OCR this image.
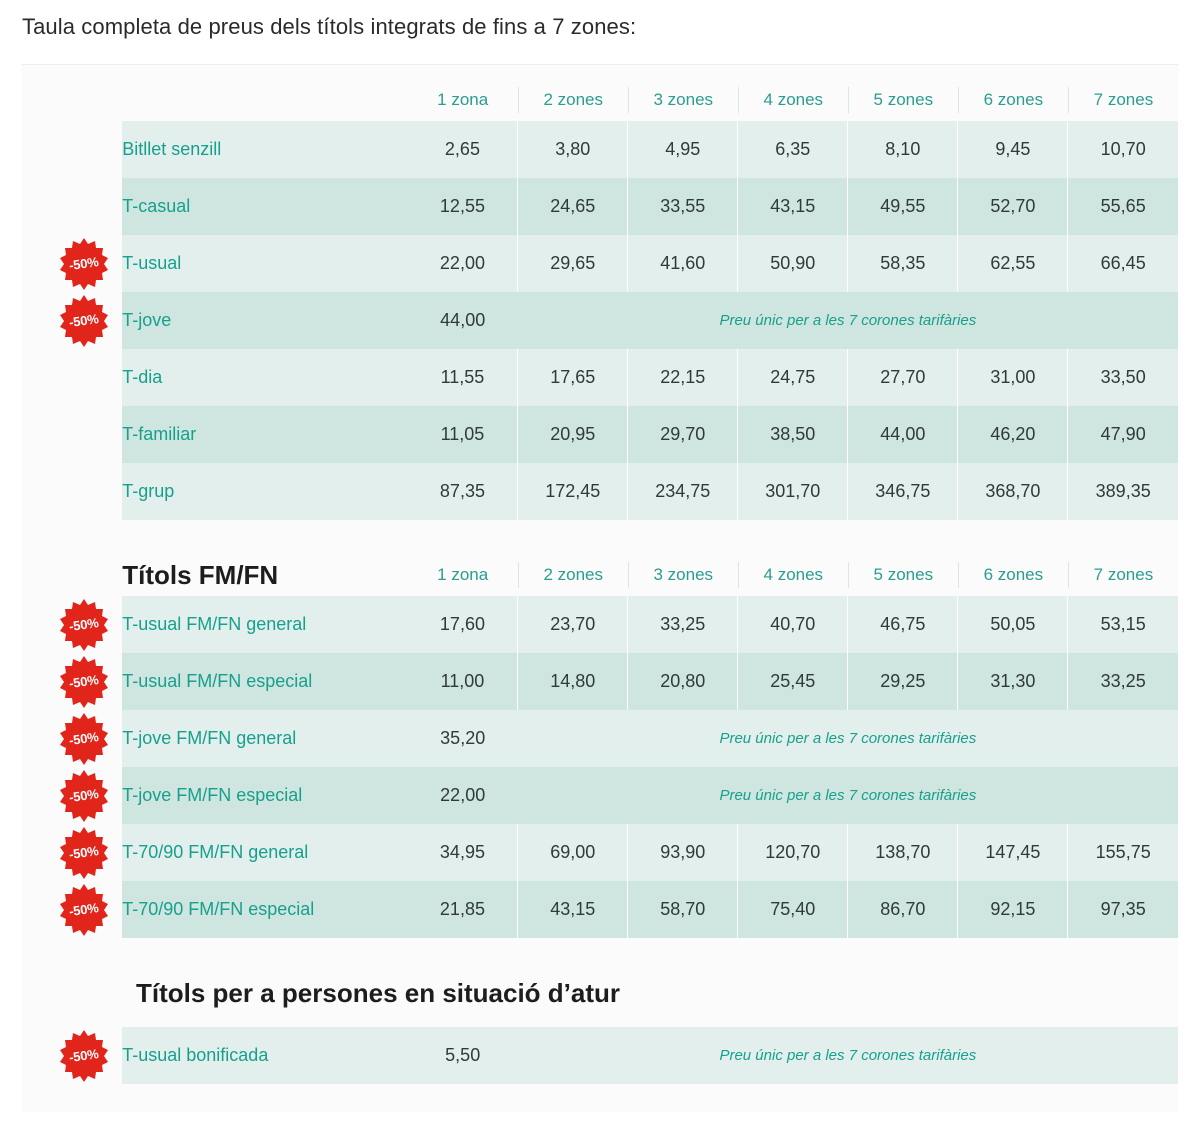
Taula completa de preus dels títols integrats de fins a 7 zones:

		1 zona	2 zones	3 zones	4 zones	5 zones	6 zones	7 zones

	Bitllet senzill	2,65	3,80	4,95	6,35	8,10	9,45	10,70
	T-casual	12,55	24,65	33,55	43,15	49,55	52,70	55,65

-50%	T-usual	22,00	29,65	41,60	50,90	58,35	62,55	66,45

-50%	T-jove	44,00	Preu únic per a les 7 corones tarifàries					
	T-dia	11,55	17,65	22,15	24,75	27,70	31,00	33,50
	T-familiar	11,05	20,95	29,70	38,50	44,00	46,20	47,90
	T-grup	87,35	172,45	234,75	301,70	346,75	368,70	389,35
	Títols FM/FN	1 zona	2 zones	3 zones	4 zones	5 zones	6 zones	7 zones

-50%	T-usual FM/FN general	17,60	23,70	33,25	40,70	46,75	50,05	53,15

-50%	T-usual FM/FN especial	11,00	14,80	20,80	25,45	29,25	31,30	33,25

-50%	T-jove FM/FN general	35,20	Preu únic per a les 7 corones tarifàries					

-50%	T-jove FM/FN especial	22,00	Preu únic per a les 7 corones tarifàries					

-50%	T-70/90 FM/FN general	34,95	69,00	93,90	120,70	138,70	147,45	155,75

-50%	T-70/90 FM/FN especial	21,85	43,15	58,70	75,40	86,70	92,15	97,35
Títols per a persones en situació d’atur
-50%	T-usual bonificada	5,50	Preu únic per a les 7 corones tarifàries
